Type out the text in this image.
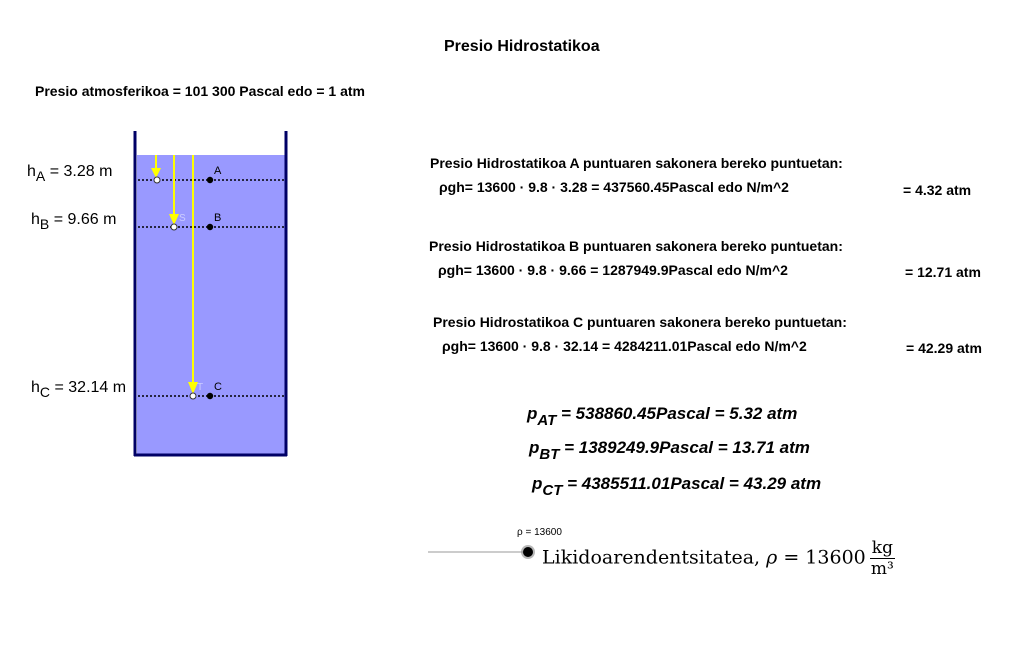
A
B
C
S
T
Presio Hidrostatikoa
Presio atmosferikoa = 101 300 Pascal edo = 1 atm
$h_A = 3.28$ m
$h_B = 9.66$ m
$h_C = 32.14$ m
Presio Hidrostatikoa A puntuaren sakonera bereko puntuetan:
ρgh= 13600 · 9.8 · 3.28 = 437560.45Pascal edo N/m^2	= 4.32 atm
Presio Hidrostatikoa B puntuaren sakonera bereko puntuetan:
ρgh= 13600 · 9.8 · 9.66 = 1287949.9Pascal edo N/m^2	= 12.71 atm
Presio Hidrostatikoa C puntuaren sakonera bereko puntuetan:
ρgh= 13600 · 9.8 · 32.14 = 4284211.01Pascal edo N/m^2	= 42.29 atm
$p_{AT}$ = 538860.45Pascal = 5.32 atm
$p_{BT}$ = 1389249.9Pascal = 13.71 atm
$p_{CT}$ = 4385511.01Pascal = 43.29 atm
ρ = 13600
Likidoarendentsitatea, $\rho = 13600 \frac{kg}{\text{m³}}$
